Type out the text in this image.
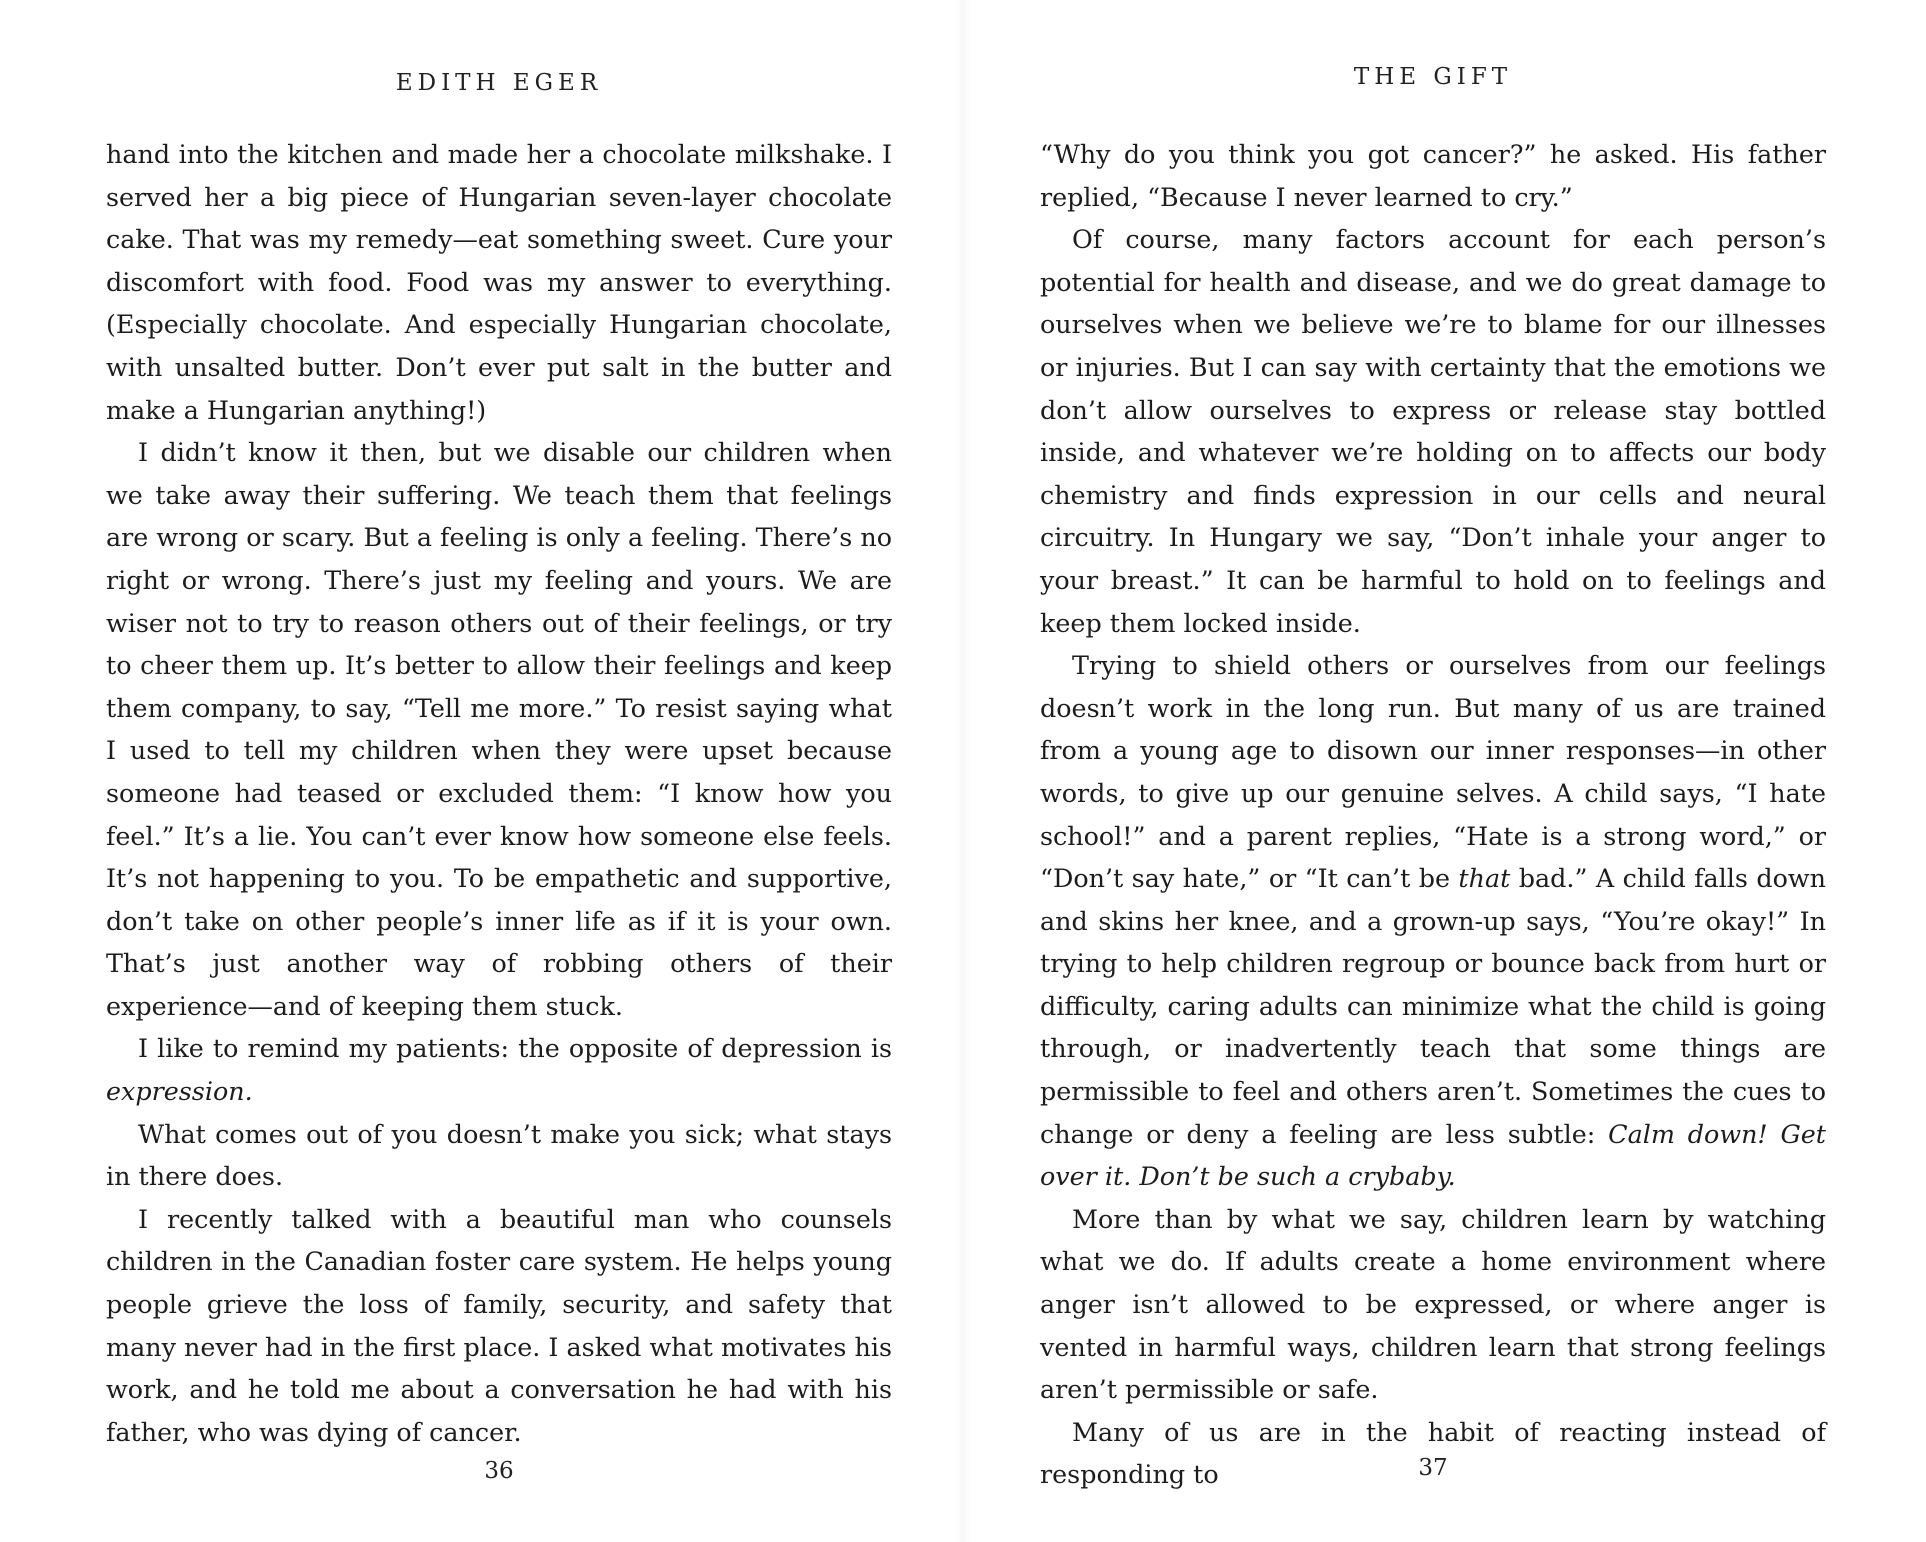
EDITH EGER

hand into the kitchen and made her a chocolate milkshake. I served her a big piece of Hungarian seven-layer chocolate cake. That was my remedy—eat something sweet. Cure your discomfort with food. Food was my answer to everything. (Especially chocolate. And especially Hungarian chocolate, with unsalted butter. Don’t ever put salt in the butter and make a Hungarian anything!)

I didn’t know it then, but we disable our children when we take away their suffering. We teach them that feelings are wrong or scary. But a feeling is only a feeling. There’s no right or wrong. There’s just my feeling and yours. We are wiser not to try to reason others out of their feelings, or try to cheer them up. It’s better to allow their feelings and keep them company, to say, “Tell me more.” To resist saying what I used to tell my children when they were upset because someone had teased or excluded them: “I know how you feel.” It’s a lie. You can’t ever know how someone else feels. It’s not happening to you. To be empathetic and supportive, don’t take on other people’s inner life as if it is your own. That’s just another way of robbing others of their experience—and of keeping them stuck.

I like to remind my patients: the opposite of depression is expression.

What comes out of you doesn’t make you sick; what stays in there does.

I recently talked with a beautiful man who counsels children in the Canadian foster care system. He helps young people grieve the loss of family, security, and safety that many never had in the first place. I asked what motivates his work, and he told me about a conversation he had with his father, who was dying of cancer.

36
THE GIFT

“Why do you think you got cancer?” he asked. His father replied, “Because I never learned to cry.”

Of course, many factors account for each person’s potential for health and disease, and we do great damage to ourselves when we believe we’re to blame for our illnesses or injuries. But I can say with certainty that the emotions we don’t allow ourselves to express or release stay bottled inside, and whatever we’re holding on to affects our body chemistry and finds expression in our cells and neural circuitry. In Hungary we say, “Don’t inhale your anger to your breast.” It can be harmful to hold on to feelings and keep them locked inside.

Trying to shield others or ourselves from our feelings doesn’t work in the long run. But many of us are trained from a young age to disown our inner responses—in other words, to give up our genuine selves. A child says, “I hate school!” and a parent replies, “Hate is a strong word,” or “Don’t say hate,” or “It can’t be that bad.” A child falls down and skins her knee, and a grown-up says, “You’re okay!” In trying to help children regroup or bounce back from hurt or difficulty, caring adults can minimize what the child is going through, or inadvertently teach that some things are permissible to feel and others aren’t. Sometimes the cues to change or deny a feeling are less subtle: Calm down! Get over it. Don’t be such a crybaby.

More than by what we say, children learn by watching what we do. If adults create a home environment where anger isn’t allowed to be expressed, or where anger is vented in harmful ways, children learn that strong feelings aren’t permissible or safe.

Many of us are in the habit of reacting instead of responding to	37
